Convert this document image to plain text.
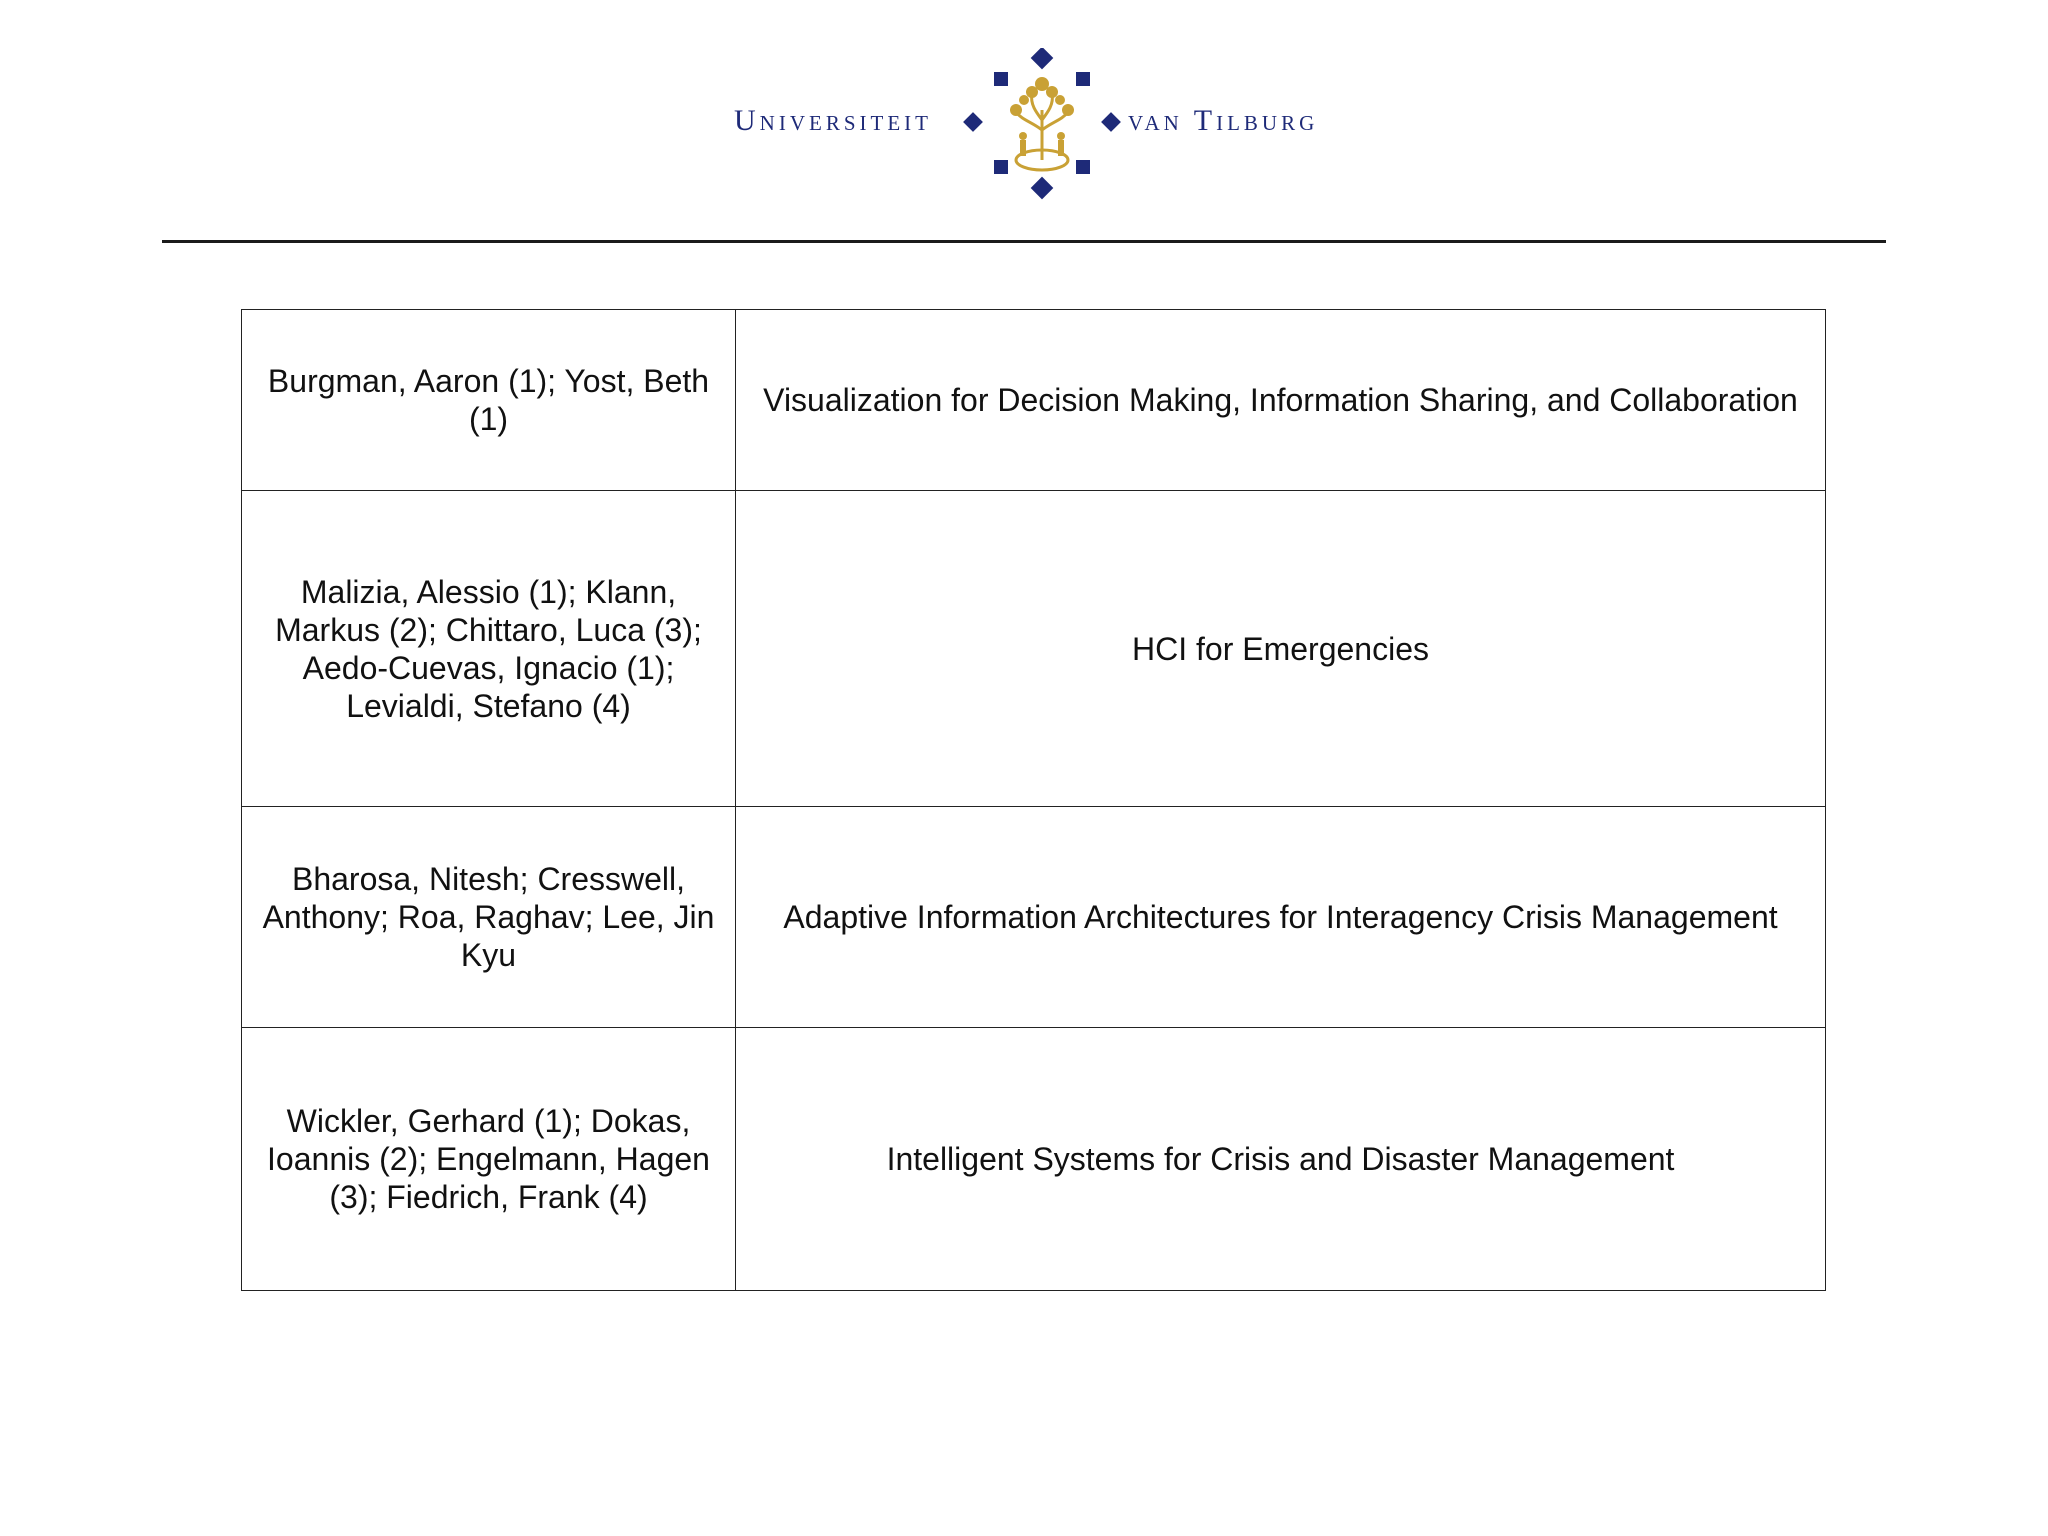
Universiteit	van Tilburg
Burgman, Aaron (1); Yost, Beth (1)	Visualization for Decision Making, Information Sharing, and Collaboration
Malizia, Alessio (1); Klann, Markus (2); Chittaro, Luca (3); Aedo-Cuevas, Ignacio (1); Levialdi, Stefano (4)	HCI for Emergencies
Bharosa, Nitesh; Cresswell, Anthony; Roa, Raghav; Lee, Jin Kyu	Adaptive Information Architectures for Interagency Crisis Management
Wickler, Gerhard (1); Dokas, Ioannis (2); Engelmann, Hagen (3); Fiedrich, Frank (4)	Intelligent Systems for Crisis and Disaster Management
